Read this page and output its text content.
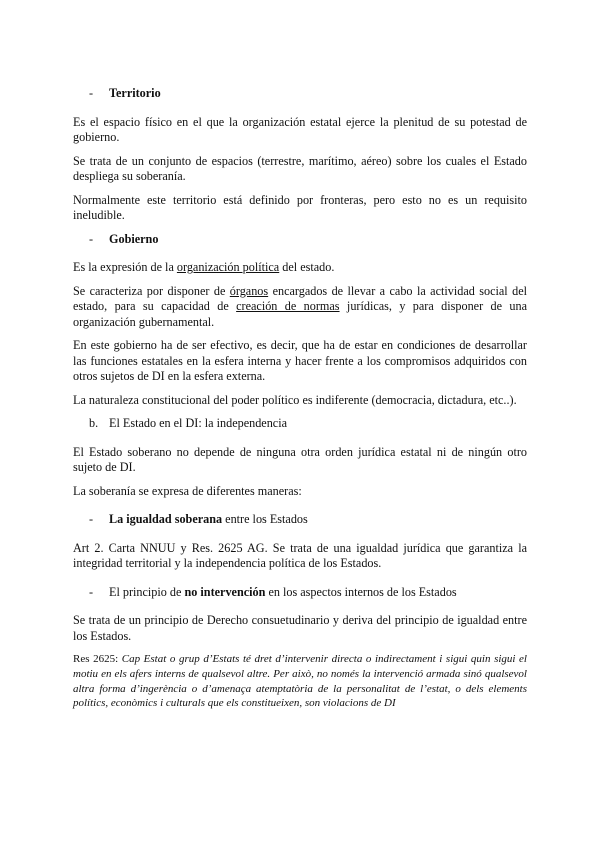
-	Territorio

Es el espacio físico en el que la organización estatal ejerce la plenitud de su potestad de gobierno.

Se trata de un conjunto de espacios (terrestre, marítimo, aéreo) sobre los cuales el Estado despliega su soberanía.

Normalmente este territorio está definido por fronteras, pero esto no es un requisito ineludible.

-	Gobierno

Es la expresión de la organización política del estado.

Se caracteriza por disponer de órganos encargados de llevar a cabo la actividad social del estado, para su capacidad de creación de normas jurídicas, y para disponer de una organización gubernamental.

En este gobierno ha de ser efectivo, es decir, que ha de estar en condiciones de desarrollar las funciones estatales en la esfera interna y hacer frente a los compromisos adquiridos con otros sujetos de DI en la esfera externa.

La naturaleza constitucional del poder político es indiferente (democracia, dictadura, etc..).

b. El Estado en el DI: la independencia

El Estado soberano no depende de ninguna otra orden jurídica estatal ni de ningún otro sujeto de DI.

La soberanía se expresa de diferentes maneras:

-	La igualdad soberana entre los Estados

Art 2. Carta NNUU y Res. 2625 AG. Se trata de una igualdad jurídica que garantiza la integridad territorial y la independencia política de los Estados.

-	El principio de no intervención en los aspectos internos de los Estados

Se trata de un principio de Derecho consuetudinario y deriva del principio de igualdad entre los Estados.

Res 2625: Cap Estat o grup d’Estats té dret d’intervenir directa o indirectament i sigui quin sigui el motiu en els afers interns de qualsevol altre. Per això, no només la intervenció armada sinó qualsevol altra forma d’ingerència o d’amenaça atemptatòria de la personalitat de l’estat, o dels elements polítics, econòmics i culturals que els constitueixen, son violacions de DI
